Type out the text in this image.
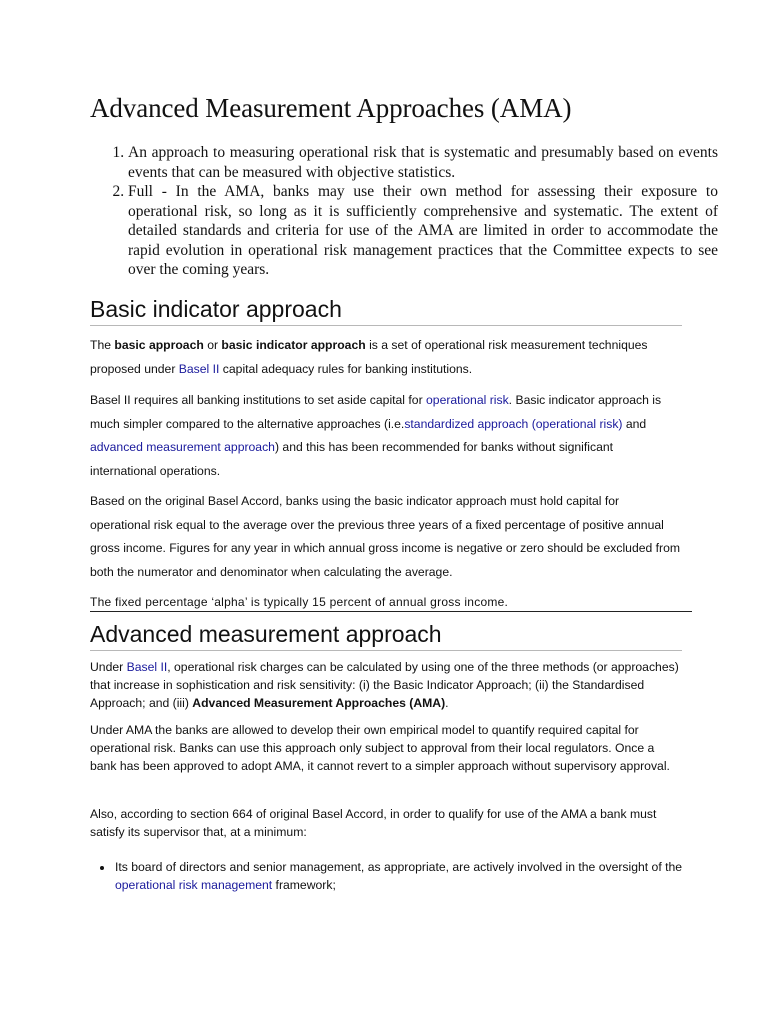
Advanced Measurement Approaches (AMA)
1. An approach to measuring operational risk that is systematic and presumably based on events events that can be measured with objective statistics.
2. Full - In the AMA, banks may use their own method for assessing their exposure to operational risk, so long as it is sufficiently comprehensive and systematic. The extent of detailed standards and criteria for use of the AMA are limited in order to accommodate the rapid evolution in operational risk management practices that the Committee expects to see over the coming years.
Basic indicator approach

The basic approach or basic indicator approach is a set of operational risk measurement techniques proposed under Basel II capital adequacy rules for banking institutions.

Basel II requires all banking institutions to set aside capital for operational risk. Basic indicator approach is much simpler compared to the alternative approaches (i.e.standardized approach (operational risk) and advanced measurement approach) and this has been recommended for banks without significant international operations.

Based on the original Basel Accord, banks using the basic indicator approach must hold capital for operational risk equal to the average over the previous three years of a fixed percentage of positive annual gross income. Figures for any year in which annual gross income is negative or zero should be excluded from both the numerator and denominator when calculating the average.

The fixed percentage ‘alpha’ is typically 15 percent of annual gross income.

Advanced measurement approach

Under Basel II, operational risk charges can be calculated by using one of the three methods (or approaches) that increase in sophistication and risk sensitivity: (i) the Basic Indicator Approach; (ii) the Standardised Approach; and (iii) Advanced Measurement Approaches (AMA).

Under AMA the banks are allowed to develop their own empirical model to quantify required capital for operational risk. Banks can use this approach only subject to approval from their local regulators. Once a bank has been approved to adopt AMA, it cannot revert to a simpler approach without supervisory approval.

Also, according to section 664 of original Basel Accord, in order to qualify for use of the AMA a bank must satisfy its supervisor that, at a minimum:

• Its board of directors and senior management, as appropriate, are actively involved in the oversight of the operational risk management framework;
